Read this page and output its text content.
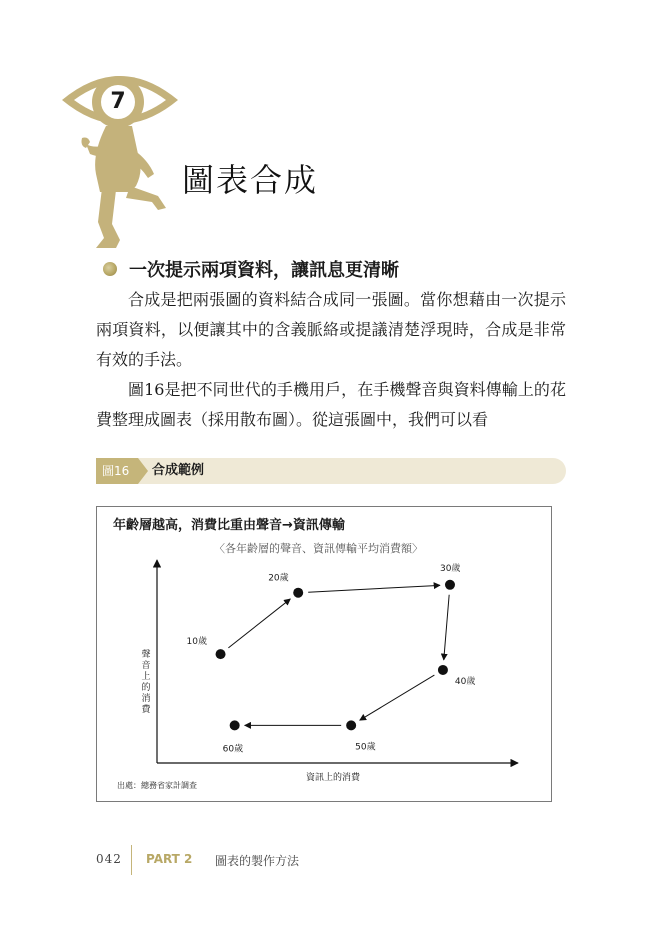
7
圖表合成
一次提示兩項資料，讓訊息更清晰

合成是把兩張圖的資料結合成同一張圖。當你想藉由一次提示兩項資料，以便讓其中的含義脈絡或提議清楚浮現時，合成是非常有效的手法。

圖16是把不同世代的手機用戶，在手機聲音與資料傳輸上的花費整理成圖表（採用散布圖）。從這張圖中，我們可以看

圖16	合成範例
年齡層越高，消費比重由聲音→資訊傳輸
〈各年齡層的聲音、資訊傳輸平均消費額〉
聲音上的消費
資訊上的消費
出處：總務省家計調查
10歲
20歲
30歲
40歲
50歲
60歲
042 PART 2 圖表的製作方法
